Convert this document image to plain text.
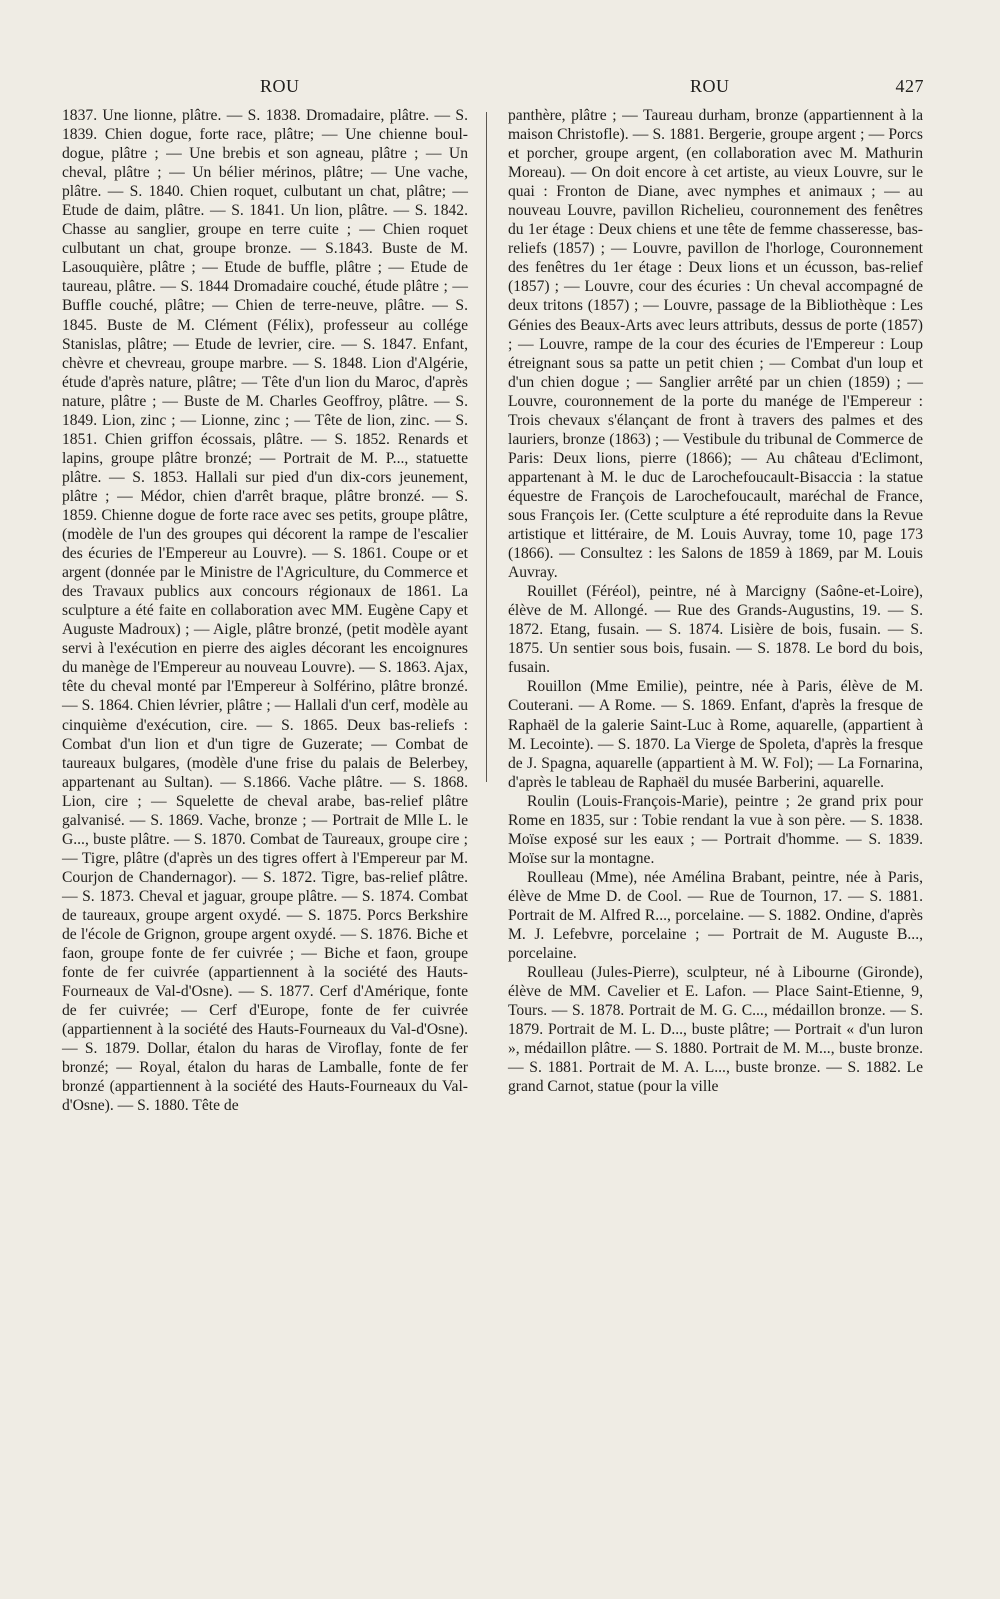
ROU	ROU	427

1837. Une lionne, plâtre. — S. 1838. Dromadaire, plâtre. — S. 1839. Chien dogue, forte race, plâtre; — Une chienne boul-dogue, plâtre ; — Une brebis et son agneau, plâtre ; — Un cheval, plâtre ; — Un bélier mérinos, plâtre; — Une vache, plâtre. — S. 1840. Chien roquet, culbutant un chat, plâtre; — Etude de daim, plâtre. — S. 1841. Un lion, plâtre. — S. 1842. Chasse au sanglier, groupe en terre cuite ; — Chien roquet culbutant un chat, groupe bronze. — S.1843. Buste de M. Lasouquière, plâtre ; — Etude de buffle, plâtre ; — Etude de taureau, plâtre. — S. 1844 Dromadaire couché, étude plâtre ; — Buffle couché, plâtre; — Chien de terre-neuve, plâtre. — S. 1845. Buste de M. Clément (Félix), professeur au collége Stanislas, plâtre; — Etude de levrier, cire. — S. 1847. Enfant, chèvre et chevreau, groupe marbre. — S. 1848. Lion d'Algérie, étude d'après nature, plâtre; — Tête d'un lion du Maroc, d'après nature, plâtre ; — Buste de M. Charles Geoffroy, plâtre. — S. 1849. Lion, zinc ; — Lionne, zinc ; — Tête de lion, zinc. — S. 1851. Chien griffon écossais, plâtre. — S. 1852. Renards et lapins, groupe plâtre bronzé; — Portrait de M. P..., statuette plâtre. — S. 1853. Hallali sur pied d'un dix-cors jeunement, plâtre ; — Médor, chien d'arrêt braque, plâtre bronzé. — S. 1859. Chienne dogue de forte race avec ses petits, groupe plâtre, (modèle de l'un des groupes qui décorent la rampe de l'escalier des écuries de l'Empereur au Louvre). — S. 1861. Coupe or et argent (donnée par le Ministre de l'Agriculture, du Commerce et des Travaux publics aux concours régionaux de 1861. La sculpture a été faite en collaboration avec MM. Eugène Capy et Auguste Madroux) ; — Aigle, plâtre bronzé, (petit modèle ayant servi à l'exécution en pierre des aigles décorant les encoignures du manège de l'Empereur au nouveau Louvre). — S. 1863. Ajax, tête du cheval monté par l'Empereur à Solférino, plâtre bronzé. — S. 1864. Chien lévrier, plâtre ; — Hallali d'un cerf, modèle au cinquième d'exécution, cire. — S. 1865. Deux bas-reliefs : Combat d'un lion et d'un tigre de Guzerate; — Combat de taureaux bulgares, (modèle d'une frise du palais de Belerbey, appartenant au Sultan). — S.1866. Vache plâtre. — S. 1868. Lion, cire ; — Squelette de cheval arabe, bas-relief plâtre galvanisé. — S. 1869. Vache, bronze ; — Portrait de Mlle L. le G..., buste plâtre. — S. 1870. Combat de Taureaux, groupe cire ; — Tigre, plâtre (d'après un des tigres offert à l'Empereur par M. Courjon de Chandernagor). — S. 1872. Tigre, bas-relief plâtre. — S. 1873. Cheval et jaguar, groupe plâtre. — S. 1874. Combat de taureaux, groupe argent oxydé. — S. 1875. Porcs Berkshire de l'école de Grignon, groupe argent oxydé. — S. 1876. Biche et faon, groupe fonte de fer cuivrée ; — Biche et faon, groupe fonte de fer cuivrée (appartiennent à la société des Hauts-Fourneaux de Val-d'Osne). — S. 1877. Cerf d'Amérique, fonte de fer cuivrée; — Cerf d'Europe, fonte de fer cuivrée (appartiennent à la société des Hauts-Fourneaux du Val-d'Osne). — S. 1879. Dollar, étalon du haras de Viroflay, fonte de fer bronzé; — Royal, étalon du haras de Lamballe, fonte de fer bronzé (appartiennent à la société des Hauts-Fourneaux du Val-d'Osne). — S. 1880. Tête de

panthère, plâtre ; — Taureau durham, bronze (appartiennent à la maison Christofle). — S. 1881. Bergerie, groupe argent ; — Porcs et porcher, groupe argent, (en collaboration avec M. Mathurin Moreau). — On doit encore à cet artiste, au vieux Louvre, sur le quai : Fronton de Diane, avec nymphes et animaux ; — au nouveau Louvre, pavillon Richelieu, couronnement des fenêtres du 1er étage : Deux chiens et une tête de femme chasseresse, bas-reliefs (1857) ; — Louvre, pavillon de l'horloge, Couronnement des fenêtres du 1er étage : Deux lions et un écusson, bas-relief (1857) ; — Louvre, cour des écuries : Un cheval accompagné de deux tritons (1857) ; — Louvre, passage de la Bibliothèque : Les Génies des Beaux-Arts avec leurs attributs, dessus de porte (1857) ; — Louvre, rampe de la cour des écuries de l'Empereur : Loup étreignant sous sa patte un petit chien ; — Combat d'un loup et d'un chien dogue ; — Sanglier arrêté par un chien (1859) ; — Louvre, couronnement de la porte du manége de l'Empereur : Trois chevaux s'élançant de front à travers des palmes et des lauriers, bronze (1863) ; — Vestibule du tribunal de Commerce de Paris: Deux lions, pierre (1866); — Au château d'Eclimont, appartenant à M. le duc de Larochefoucault-Bisaccia : la statue équestre de François de Larochefoucault, maréchal de France, sous François Ier. (Cette sculpture a été reproduite dans la Revue artistique et littéraire, de M. Louis Auvray, tome 10, page 173 (1866). — Consultez : les Salons de 1859 à 1869, par M. Louis Auvray.

Rouillet (Féréol), peintre, né à Marcigny (Saône-et-Loire), élève de M. Allongé. — Rue des Grands-Augustins, 19. — S. 1872. Etang, fusain. — S. 1874. Lisière de bois, fusain. — S. 1875. Un sentier sous bois, fusain. — S. 1878. Le bord du bois, fusain.

Rouillon (Mme Emilie), peintre, née à Paris, élève de M. Couterani. — A Rome. — S. 1869. Enfant, d'après la fresque de Raphaël de la galerie Saint-Luc à Rome, aquarelle, (appartient à M. Lecointe). — S. 1870. La Vierge de Spoleta, d'après la fresque de J. Spagna, aquarelle (appartient à M. W. Fol); — La Fornarina, d'après le tableau de Raphaël du musée Barberini, aquarelle.

Roulin (Louis-François-Marie), peintre ; 2e grand prix pour Rome en 1835, sur : Tobie rendant la vue à son père. — S. 1838. Moïse exposé sur les eaux ; — Portrait d'homme. — S. 1839. Moïse sur la montagne.

Roulleau (Mme), née Amélina Brabant, peintre, née à Paris, élève de Mme D. de Cool. — Rue de Tournon, 17. — S. 1881. Portrait de M. Alfred R..., porcelaine. — S. 1882. Ondine, d'après M. J. Lefebvre, porcelaine ; — Portrait de M. Auguste B..., porcelaine.

Roulleau (Jules-Pierre), sculpteur, né à Libourne (Gironde), élève de MM. Cavelier et E. Lafon. — Place Saint-Etienne, 9, Tours. — S. 1878. Portrait de M. G. C..., médaillon bronze. — S. 1879. Portrait de M. L. D..., buste plâtre; — Portrait « d'un luron », médaillon plâtre. — S. 1880. Portrait de M. M..., buste bronze. — S. 1881. Portrait de M. A. L..., buste bronze. — S. 1882. Le grand Carnot, statue (pour la ville
